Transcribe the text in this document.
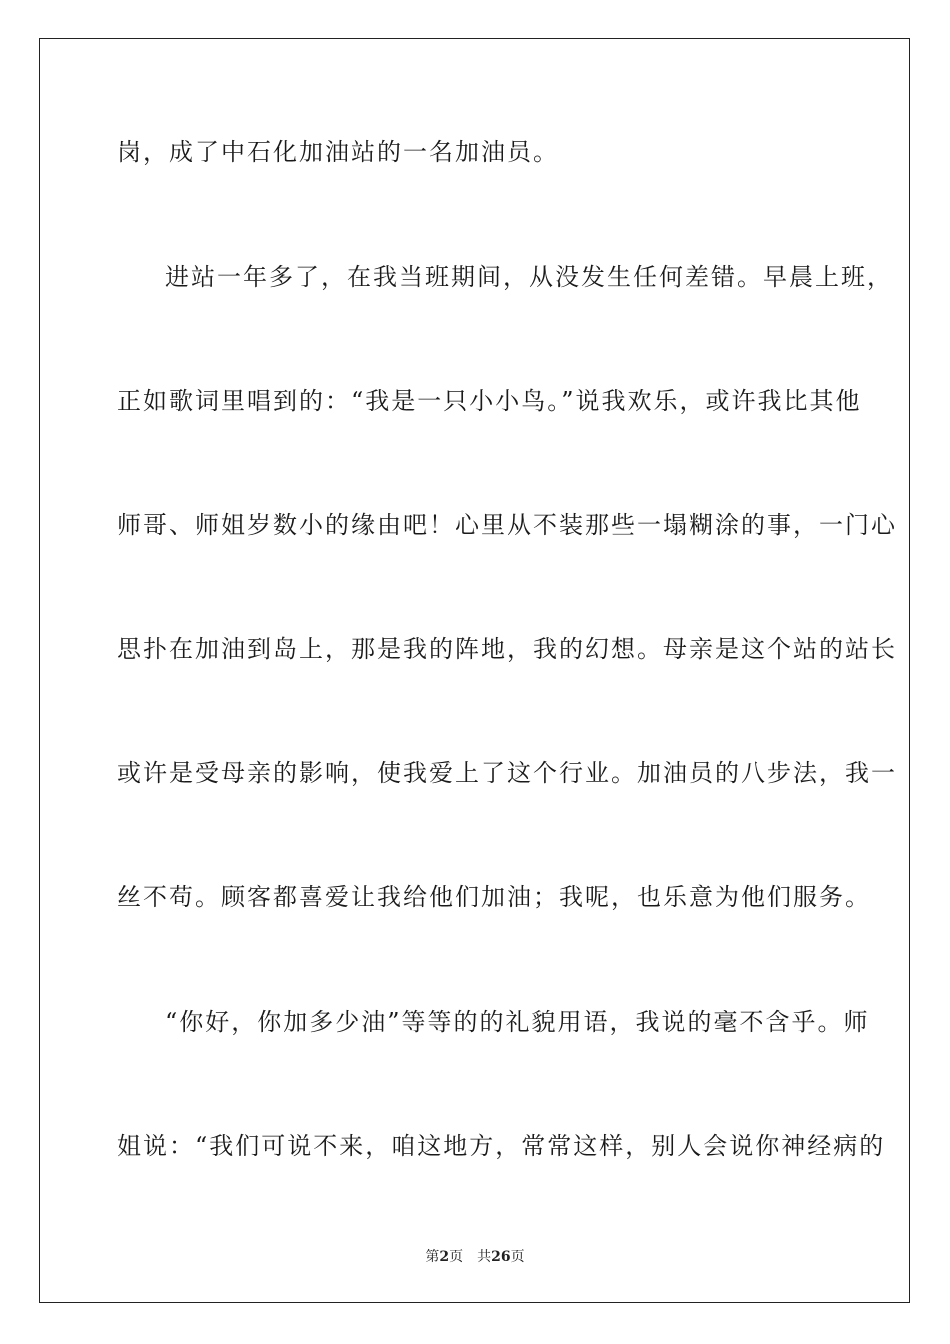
岗，成了中石化加油站的一名加油员。
进站一年多了，在我当班期间，从没发生任何差错。早晨上班，
正如歌词里唱到的：“我是一只小小鸟。”说我欢乐，或许我比其他
师哥、师姐岁数小的缘由吧！心里从不装那些一塌糊涂的事，一门心
思扑在加油到岛上，那是我的阵地，我的幻想。母亲是这个站的站长
或许是受母亲的影响，使我爱上了这个行业。加油员的八步法，我一
丝不苟。顾客都喜爱让我给他们加油；我呢，也乐意为他们服务。
“你好，你加多少油”等等的的礼貌用语，我说的毫不含乎。师
姐说：“我们可说不来，咱这地方，常常这样，别人会说你神经病的
第2页 共26页
